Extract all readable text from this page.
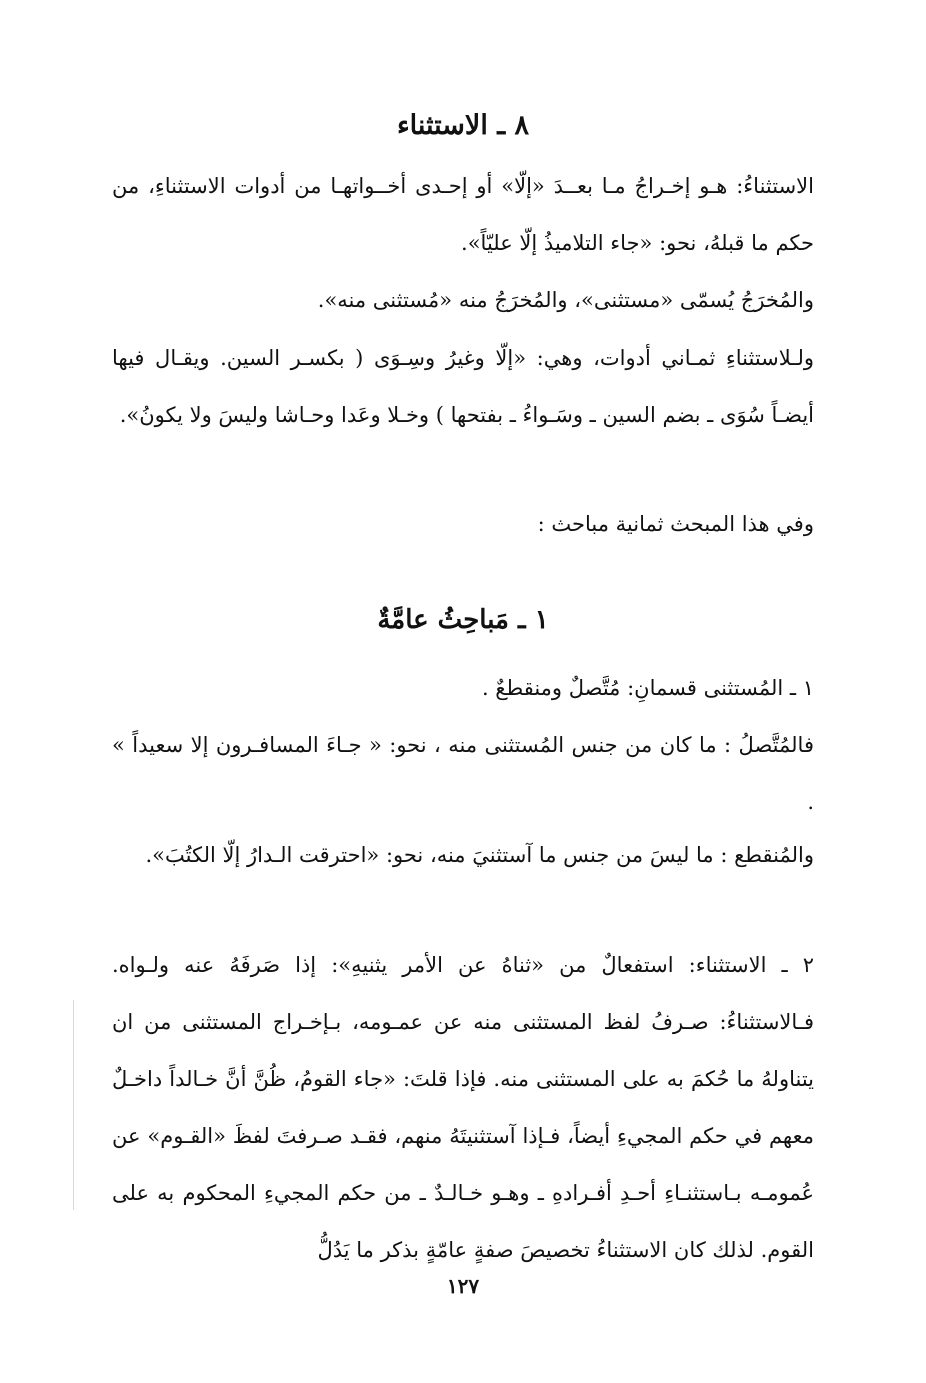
٨ ـ الاستثناء

الاستثناءُ: هـو إخـراجُ مـا بعــدَ «إلّا» أو إحـدى أخــواتهـا من أدوات الاستثناءِ، من حكم ما قبلهُ، نحو: «جاء التلاميذُ إلّا عليّاً».

والمُخرَجُ يُسمّى «مستثنى»، والمُخرَجُ منه «مُستثنى منه».

ولـلاستثناءِ ثمـاني أدوات، وهي: «إلّا وغيرُ وسِـوَى ( بكسـر السين. ويقـال فيها أيضـاً سُوَى ـ بضم السين ـ وسَـواءُ ـ بفتحها ) وخـلا وعَدا وحـاشا وليسَ ولا يكونُ».

وفي هذا المبحث ثمانية مباحث :

١ ـ مَباحِثُ عامَّةٌ

١ ـ المُستثنى قسمانِ: مُتَّصلٌ ومنقطعٌ .

فالمُتَّصلُ : ما كان من جنس المُستثنى منه ، نحو: « جـاءَ المسافـرون إلا سعيداً » .

والمُنقطع : ما ليسَ من جنس ما آستثنيَ منه، نحو: «احترقت الـدارُ إلّا الكتُبَ».

٢ ـ الاستثناء: استفعالٌ من «ثناهُ عن الأمر يثنيهِ»: إذا صَرفَهُ عنه ولـواه. فـالاستثناءُ: صـرفُ لفظ المستثنى منه عن عمـومه، بـإخـراج المستثنى من ان يتناولهُ ما حُكمَ به على المستثنى منه. فإذا قلتَ: «جاء القومُ، ظُنَّ أنَّ خـالداً داخـلٌ معهم في حكم المجيءِ أيضاً، فـإذا آستثنيتَهُ منهم، فقـد صـرفتَ لفظَ «القـوم» عن عُمومـه بـاستثنـاءِ أحـدِ أفـرادهِ ـ وهـو خـالـدٌ ـ من حكم المجيءِ المحكوم به على القوم. لذلك كان الاستثناءُ تخصيصَ صفةٍ عامّةٍ بذكر ما يَدُلُّ

١٢٧
